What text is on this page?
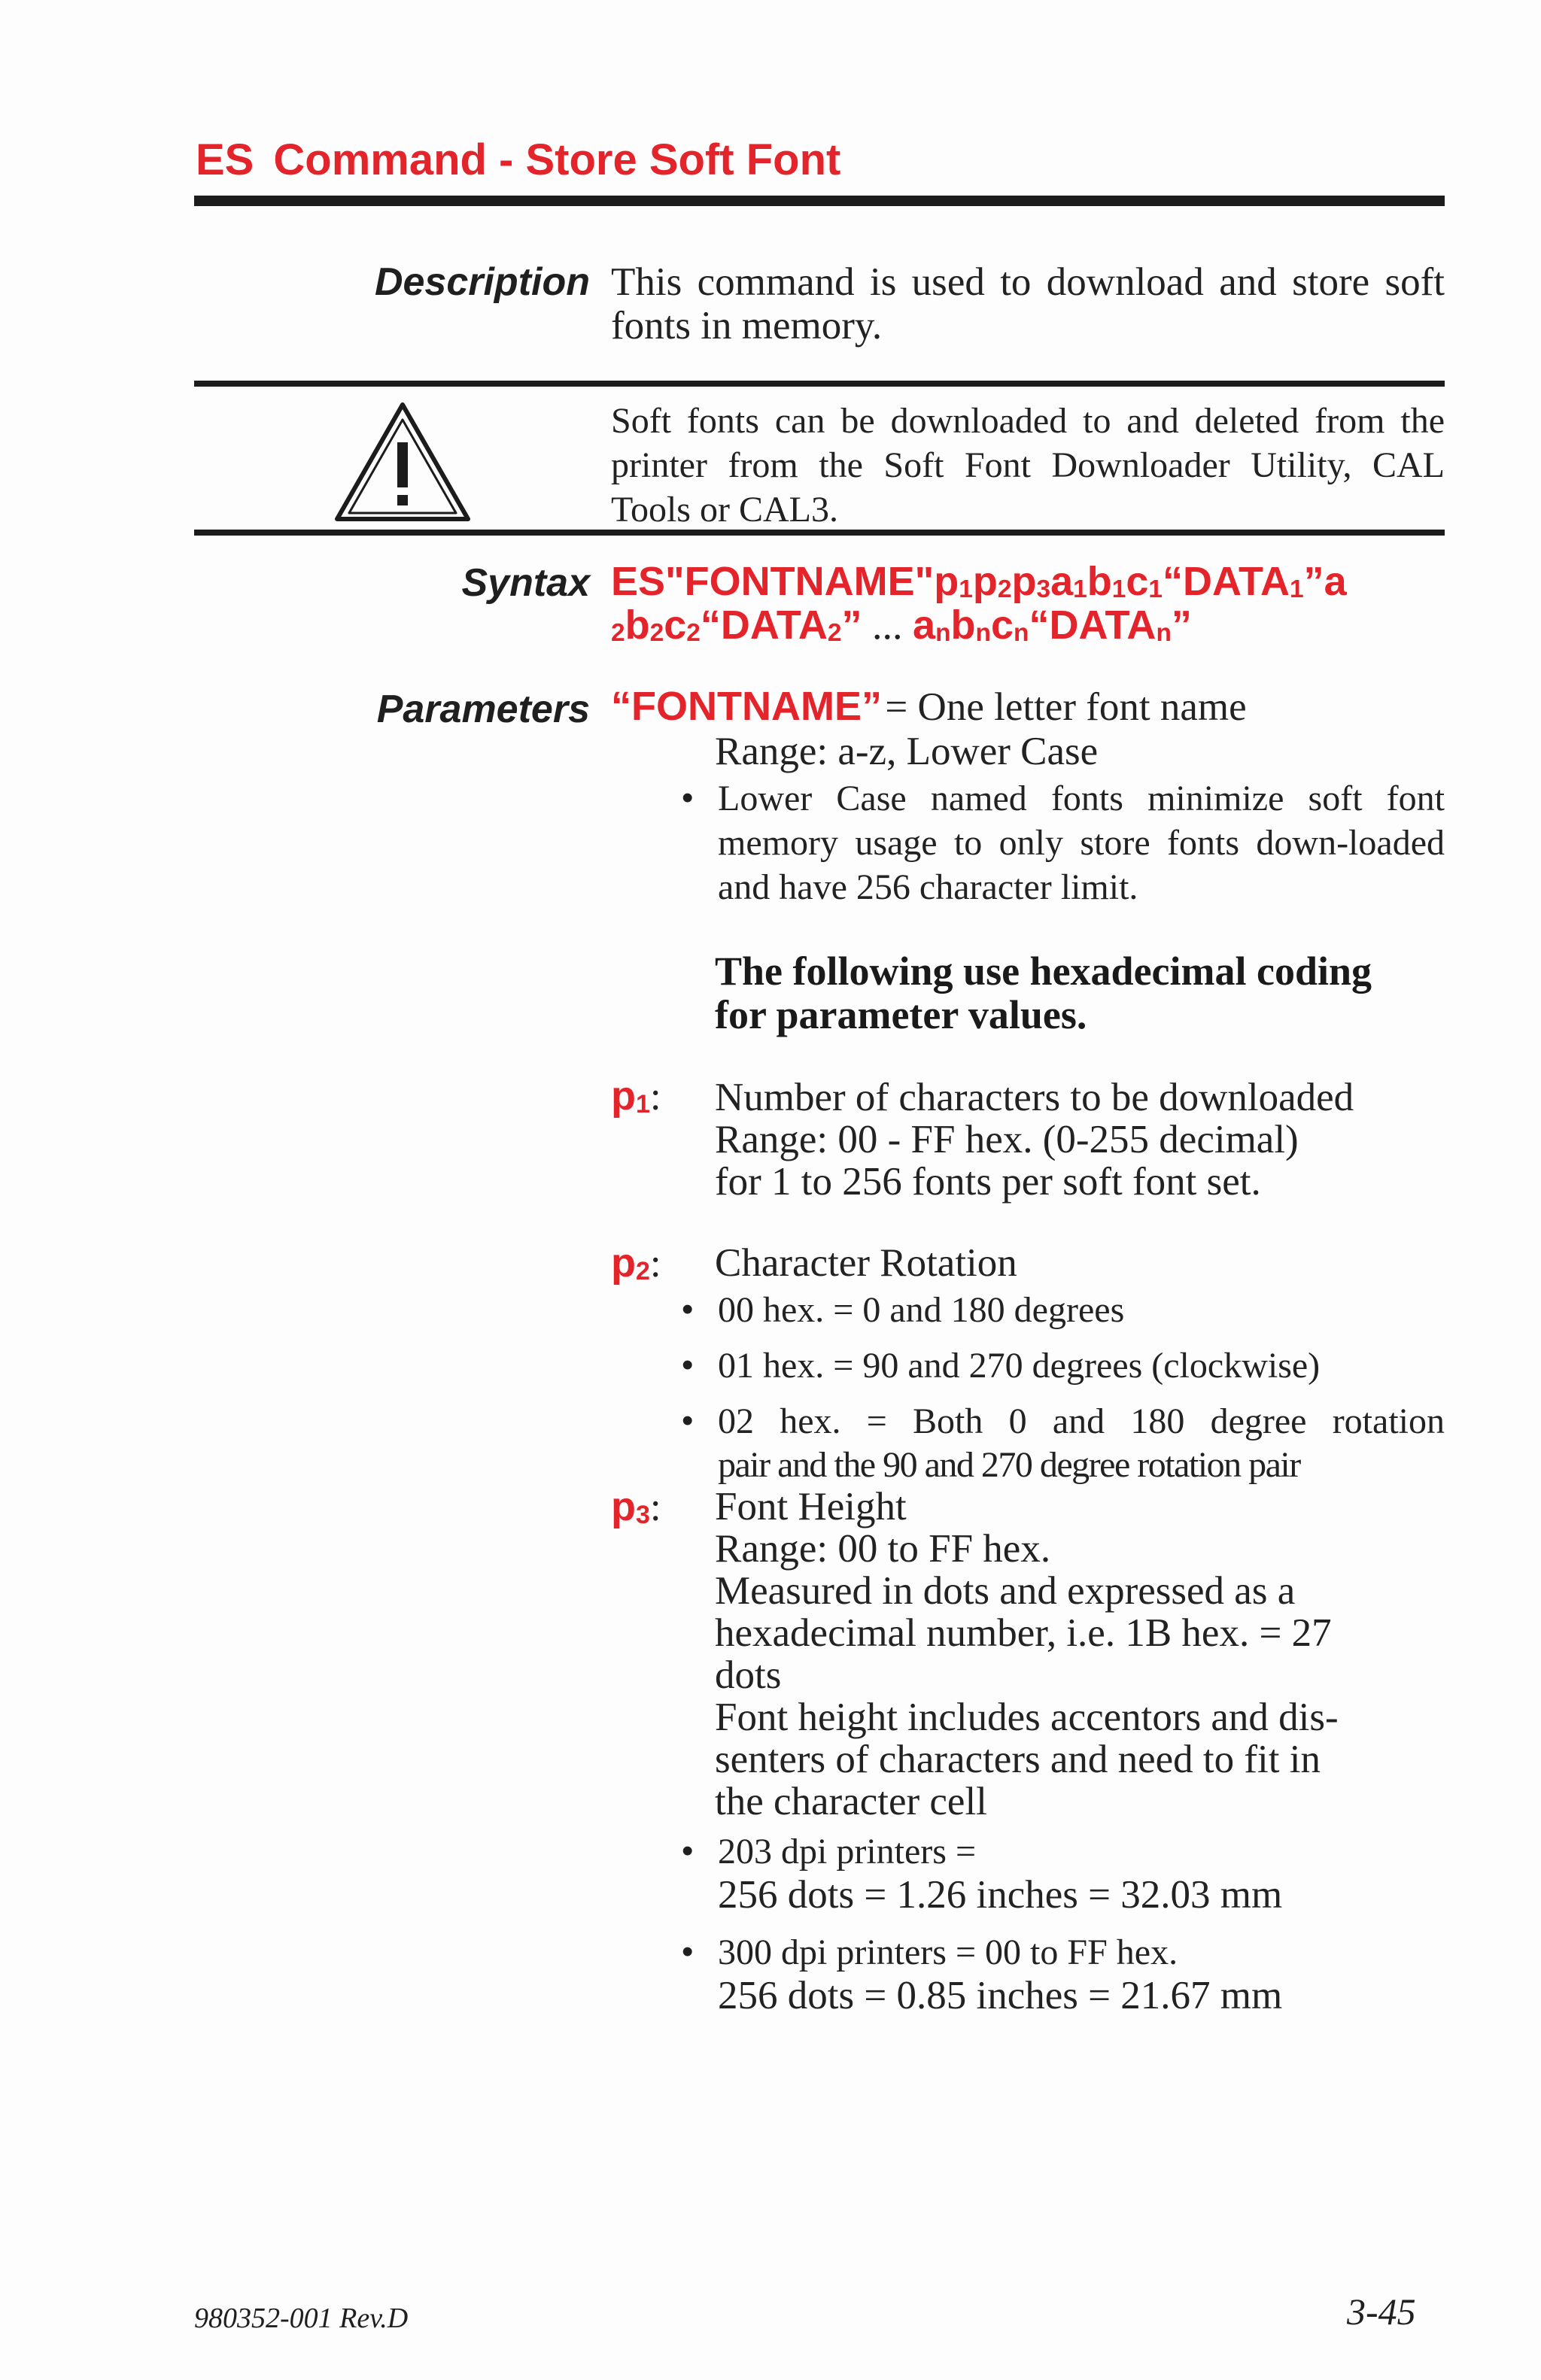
ES Command - Store Soft Font
Description This command is used to download and store soft fonts in memory.
Soft fonts can be downloaded to and deleted from the printer from the Soft Font Downloader Utility, CAL Tools or CAL3.
Syntax $ES"FONTNAME"p_1p_2p_3a_1b_1c_1“DATA_1”a$
$_2b_2c_2“DATA_2$” ... $a_nb_nc_n“DATA_n$”
Parameters “FONTNAME” = One letter font name
Range: a-z, Lower Case
• Lower Case named fonts minimize soft font memory usage to only store fonts down-loaded and have 256 character limit.
The following use hexadecimal coding for parameter values.
$p_1$: Number of characters to be downloaded
Range: 00 - FF hex. (0-255 decimal)
for 1 to 256 fonts per soft font set.
$p_2$: Character Rotation
• 00 hex. = 0 and 180 degrees
• 01 hex. = 90 and 270 degrees (clockwise)
• 02 hex. = Both 0 and 180 degree rotation
pair and the 90 and 270 degree rotation pair
$p_3$: Font Height
Range: 00 to FF hex.
Measured in dots and expressed as a
hexadecimal number, i.e. 1B hex. = 27
dots
Font height includes accentors and dis-
senters of characters and need to fit in
the character cell
• 203 dpi printers =
256 dots = 1.26 inches = 32.03 mm
• 300 dpi printers = 00 to FF hex.
256 dots = 0.85 inches = 21.67 mm
980352-001 Rev.D	3-45
